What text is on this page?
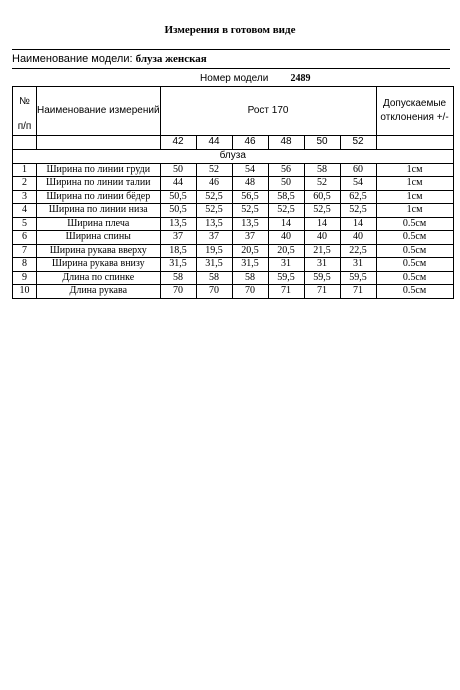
Измерения в готовом виде
Наименование модели: блуза женская
		Номер модели 2489						

№
п/п	Наименование измерений	Рост 170						Допускаемые отклонения +/-
		42	44	46	48	50	52	
блуза								
1	Ширина по линии груди	50	52	54	56	58	60	1см
2	Ширина по линии талии	44	46	48	50	52	54	1см
3	Ширина по линии бёдер	50,5	52,5	56,5	58,5	60,5	62,5	1см
4	Ширина по линии низа	50,5	52,5	52,5	52,5	52,5	52,5	1см
5	Ширина плеча	13,5	13,5	13,5	14	14	14	0.5см
6	Ширина спины	37	37	37	40	40	40	0.5см
7	Ширина рукава вверху	18,5	19,5	20,5	20,5	21,5	22,5	0.5см
8	Ширина рукава внизу	31,5	31,5	31,5	31	31	31	0.5см
9	Длина по спинке	58	58	58	59,5	59,5	59,5	0.5см
10	Длина рукава	70	70	70	71	71	71	0.5см
